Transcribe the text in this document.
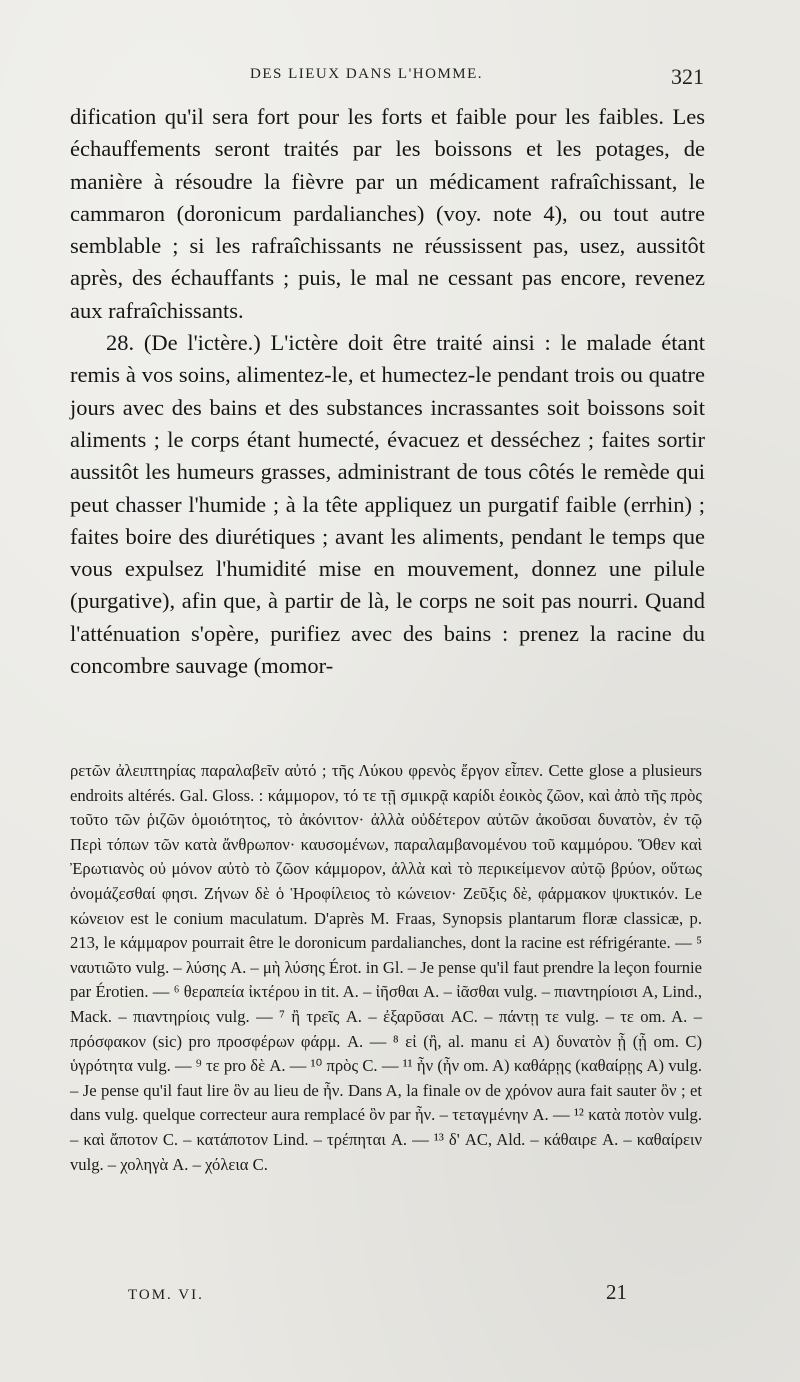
DES LIEUX DANS L'HOMME.	321

dification qu'il sera fort pour les forts et faible pour les faibles. Les échauffements seront traités par les boissons et les potages, de manière à résoudre la fièvre par un médicament rafraîchissant, le cammaron (doronicum pardalianches) (voy. note 4), ou tout autre semblable ; si les rafraîchissants ne réussissent pas, usez, aussitôt après, des échauffants ; puis, le mal ne cessant pas encore, revenez aux rafraîchissants.

28. (De l'ictère.) L'ictère doit être traité ainsi : le malade étant remis à vos soins, alimentez-le, et humectez-le pendant trois ou quatre jours avec des bains et des substances incrassantes soit boissons soit aliments ; le corps étant humecté, évacuez et desséchez ; faites sortir aussitôt les humeurs grasses, administrant de tous côtés le remède qui peut chasser l'humide ; à la tête appliquez un purgatif faible (errhin) ; faites boire des diurétiques ; avant les aliments, pendant le temps que vous expulsez l'humidité mise en mouvement, donnez une pilule (purgative), afin que, à partir de là, le corps ne soit pas nourri. Quand l'atténuation s'opère, purifiez avec des bains : prenez la racine du concombre sauvage (momor-

ρετῶν ἀλειπτηρίας παραλαβεῖν αὐτό ; τῆς Λύκου φρενὸς ἔργον εἶπεν. Cette glose a plusieurs endroits altérés. Gal. Gloss. : κάμμορον, τό τε τῇ σμικρᾷ καρίδι ἐοικὸς ζῶον, καὶ ἀπὸ τῆς πρὸς τοῦτο τῶν ῥιζῶν ὁμοιότητος, τὸ ἀκόνιτον· ἀλλὰ οὐδέτερον αὐτῶν ἀκοῦσαι δυνατὸν, ἐν τῷ Περὶ τόπων τῶν κατὰ ἄνθρωπον· καυσομένων, παραλαμβανομένου τοῦ καμμόρου. Ὅθεν καὶ Ἐρωτιανὸς οὐ μόνον αὐτὸ τὸ ζῶον κάμμορον, ἀλλὰ καὶ τὸ περικείμενον αὐτῷ βρύον, οὕτως ὀνομάζεσθαί φησι. Ζήνων δὲ ὁ Ἡροφίλειος τὸ κώνειον· Ζεῦξις δὲ, φάρμακον ψυκτικόν. Le κώνειον est le conium maculatum. D'après M. Fraas, Synopsis plantarum floræ classicæ, p. 213, le κάμμαρον pourrait être le doronicum pardalianches, dont la racine est réfrigérante. — ⁵ ναυτιῶτο vulg. – λύσης A. – μὴ λύσης Érot. in Gl. – Je pense qu'il faut prendre la leçon fournie par Érotien. — ⁶ θεραπεία ἰκτέρου in tit. A. – ἰῆσθαι A. – ἰᾶσθαι vulg. – πιαντηρίοισι A, Lind., Mack. – πιαντηρίοις vulg. — ⁷ ἢ τρεῖς A. – ἐξαρῦσαι AC. – πάντῃ τε vulg. – τε om. A. – πρόσφακον (sic) pro προσφέρων φάρμ. A. — ⁸ εἰ (ἢ, al. manu εἰ A) δυνατὸν ᾖ (ᾖ om. C) ὑγρότητα vulg. — ⁹ τε pro δὲ A. — ¹⁰ πρὸς C. — ¹¹ ἦν (ἦν om. A) καθάρῃς (καθαίρῃς A) vulg. – Je pense qu'il faut lire ὃν au lieu de ἦν. Dans A, la finale ον de χρόνον aura fait sauter ὃν ; et dans vulg. quelque correcteur aura remplacé ὃν par ἦν. – τεταγμένην A. — ¹² κατὰ ποτὸν vulg. – καὶ ἄποτον C. – κατάποτον Lind. – τρέπηται A. — ¹³ δ' AC, Ald. – κάθαιρε A. – καθαίρειν vulg. – χοληγὰ A. – χόλεια C.

TOM. VI.	21
